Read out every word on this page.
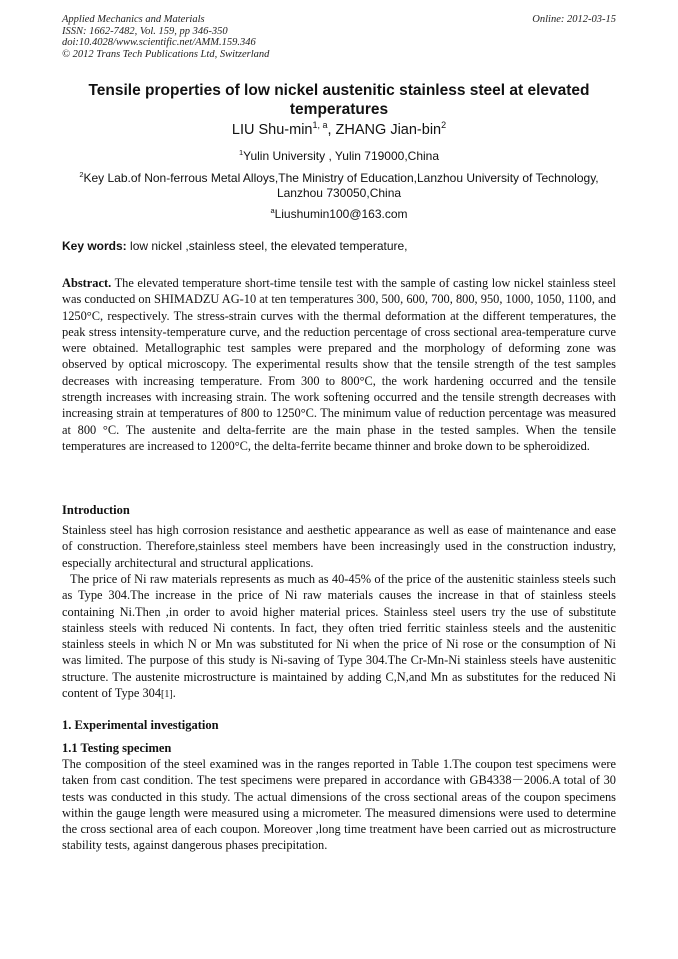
Applied Mechanics and Materials
ISSN: 1662-7482, Vol. 159, pp 346-350
doi:10.4028/www.scientific.net/AMM.159.346
© 2012 Trans Tech Publications Ltd, Switzerland
Online: 2012-03-15
Tensile properties of low nickel austenitic stainless steel at elevated temperatures
LIU Shu-$\min^{1, a}$, ZHANG Jian-bin$^2$
$^1$Yulin University , Yulin 719000,China
$^2$Key Lab.of Non-ferrous Metal Alloys,The Ministry of Education,Lanzhou University of Technology, Lanzhou 730050,China
$^a$Liushumin100@163.com
Key words: low nickel ,stainless steel, the elevated temperature,
Abstract. The elevated temperature short-time tensile test with the sample of casting low nickel stainless steel was conducted on SHIMADZU AG-10 at ten temperatures 300, 500, 600, 700, 800, 950, 1000, 1050, 1100, and 1250°C, respectively. The stress-strain curves with the thermal deformation at the different temperatures, the peak stress intensity-temperature curve, and the reduction percentage of cross sectional area-temperature curve were obtained. Metallographic test samples were prepared and the morphology of deforming zone was observed by optical microscopy. The experimental results show that the tensile strength of the test samples decreases with increasing temperature. From 300 to 800°C, the work hardening occurred and the tensile strength increases with increasing strain. The work softening occurred and the tensile strength decreases with increasing strain at temperatures of 800 to 1250°C. The minimum value of reduction percentage was measured at 800 °C. The austenite and delta-ferrite are the main phase in the tested samples. When the tensile temperatures are increased to 1200°C, the delta-ferrite became thinner and broke down to be spheroidized.
Introduction
Stainless steel has high corrosion resistance and aesthetic appearance as well as ease of maintenance and ease of construction. Therefore,stainless steel members have been increasingly used in the construction industry, especially architectural and structural applications.
The price of Ni raw materials represents as much as 40-45% of the price of the austenitic stainless steels such as Type 304.The increase in the price of Ni raw materials causes the increase in that of stainless steels containing Ni.Then ,in order to avoid higher material prices. Stainless steel users try the use of substitute stainless steels with reduced Ni contents. In fact, they often tried ferritic stainless steels and the austenitic stainless steels in which N or Mn was substituted for Ni when the price of Ni rose or the consumption of Ni was limited. The purpose of this study is Ni-saving of Type 304.The Cr-Mn-Ni stainless steels have austenitic structure. The austenite microstructure is maintained by adding C,N,and Mn as substitutes for the reduced Ni content of Type 304[1].
1. Experimental investigation
1.1 Testing specimen
The composition of the steel examined was in the ranges reported in Table 1.The coupon test specimens were taken from cast condition. The test specimens were prepared in accordance with GB4338－2006.A total of 30 tests was conducted in this study. The actual dimensions of the cross sectional areas of the coupon specimens within the gauge length were measured using a micrometer. The measured dimensions were used to determine the cross sectional area of each coupon. Moreover ,long time treatment have been carried out as microstructure stability tests, against dangerous phases precipitation.
